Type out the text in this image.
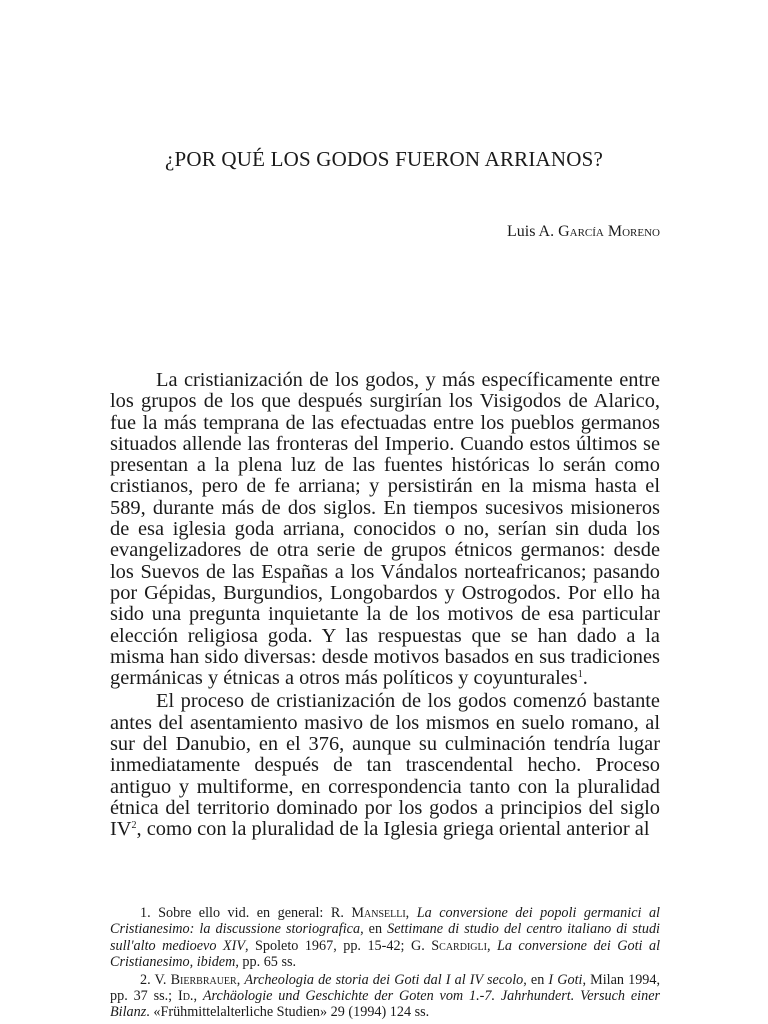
¿POR QUÉ LOS GODOS FUERON ARRIANOS?
Luis A. García Moreno

La cristianización de los godos, y más específicamente entre los grupos de los que después surgirían los Visigodos de Alarico, fue la más temprana de las efectuadas entre los pueblos germanos situados allende las fronteras del Imperio. Cuando estos últimos se presentan a la plena luz de las fuentes históricas lo serán como cristianos, pero de fe arriana; y persistirán en la misma hasta el 589, durante más de dos siglos. En tiempos sucesivos misioneros de esa iglesia goda arriana, conocidos o no, serían sin duda los evangelizadores de otra serie de grupos étnicos germanos: desde los Suevos de las Españas a los Vándalos norteafricanos; pasando por Gépidas, Burgundios, Longobardos y Ostrogodos. Por ello ha sido una pregunta inquietante la de los motivos de esa particular elección religiosa goda. Y las respuestas que se han dado a la misma han sido diversas: desde motivos basados en sus tradiciones germánicas y étnicas a otros más políticos y coyunturales$^1$.

El proceso de cristianización de los godos comenzó bastante antes del asentamiento masivo de los mismos en suelo romano, al sur del Danubio, en el 376, aunque su culminación tendría lugar inmediatamente después de tan trascendental hecho. Proceso antiguo y multiforme, en correspondencia tanto con la pluralidad étnica del territorio dominado por los godos a principios del siglo $IV^2$, como con la pluralidad de la Iglesia griega oriental anterior al

1. Sobre ello vid. en general: R. Manselli, La conversione dei popoli germanici al Cristianesimo: la discussione storiografica, en Settimane di studio del centro italiano di studi sull'alto medioevo XIV, Spoleto 1967, pp. 15-42; G. Scardigli, La conversione dei Goti al Cristianesimo, ibidem, pp. 65 ss.

2. V. Bierbrauer, Archeologia de storia dei Goti dal I al IV secolo, en I Goti, Milan 1994, pp. 37 ss.; Id., Archäologie und Geschichte der Goten vom 1.-7. Jahrhundert. Versuch einer Bilanz. «Frühmittelalterliche Studien» 29 (1994) 124 ss.
